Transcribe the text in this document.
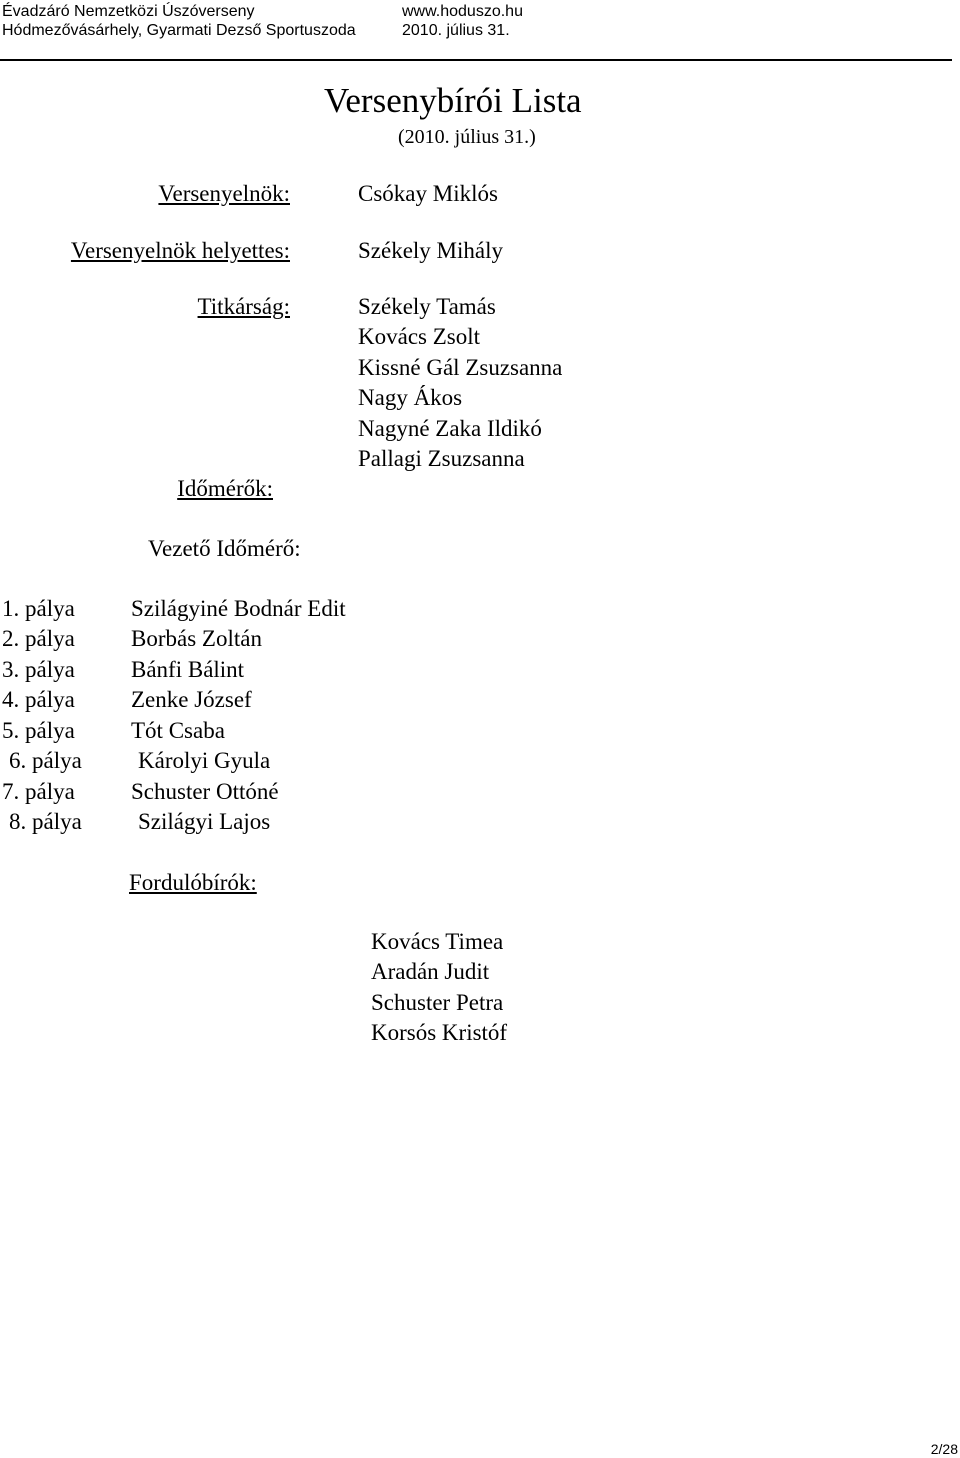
Évadzáró Nemzetközi Úszóverseny
Hódmezővásárhely, Gyarmati Dezső Sportuszoda
www.hoduszo.hu
2010. július 31.
Versenybírói Lista
(2010. július 31.)
Versenyelnök:	Csókay Miklós
Versenyelnök helyettes:	Székely Mihály
Titkárság:	Székely Tamás
Kovács Zsolt
Kissné Gál Zsuzsanna
Nagy Ákos
Nagyné Zaka Ildikó
Pallagi Zsuzsanna
Időmérők:
Vezető Időmérő:
1. pálya Szilágyiné Bodnár Edit
2. pálya Borbás Zoltán
3. pálya Bánfi Bálint
4. pálya Zenke József
5. pálya Tót Csaba
6. pálya Károlyi Gyula
7. pálya Schuster Ottóné
8. pálya Szilágyi Lajos
Fordulóbírók:
Kovács Timea
Aradán Judit
Schuster Petra
Korsós Kristóf
2/28
